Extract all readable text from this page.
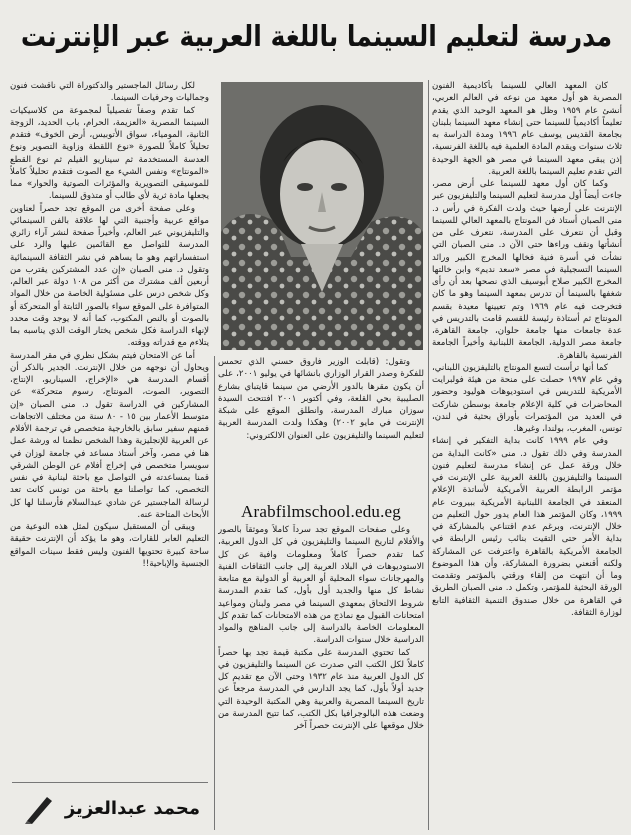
مدرسة لتعليم السينما باللغة العربية عبر الإنترنت

كان المعهد العالي للسينما بأكاديمية الفنون المصرية هو أول معهد من نوعه في العالم العربي، أنشئ عام ١٩٥٩ وظل هو المعهد الوحيد الذي يقدم تعليماً أكاديمياً للسينما حتى إنشاء معهد السينما بلبنان بجامعة القديس يوسف عام ١٩٩٦ ومدة الدراسة به ثلاث سنوات ويقدم المادة العلمية فيه باللغة الفرنسية، إذن يبقى معهد السينما في مصر هو الجهة الوحيدة التي تقدم تعليم السينما باللغة العربية.

وكما كان أول معهد للسينما على أرض مصر، جاءت أيضاً أول مدرسة لتعليم السينما والتليفزيون عبر الإنترنت على أرضها حيث ولدت الفكرة في رأس د. منى الصبان أستاذ فن المونتاج بالمعهد العالي للسينما وقبل أن نتعرف على المدرسة، نتعرف على من أنشأتها ونقف وراءها حتى الآن د. منى الصبان التي نشأت في أسرة فنية فخالها المخرج الكبير ورائد السينما التسجيلية في مصر «سعد نديم» وابن خالتها المخرج الكبير صلاح أبوسيف الذي نصحها بعد أن رأى شغفها بالسينما أن تدرس بمعهد السينما وهو ما كان فتخرجت فيه عام ١٩٦٩ وتم تعيينها معيدة بقسم المونتاج ثم أستاذة رئيسة للقسم قامت بالتدريس في عدة جامعات منها جامعة حلوان، جامعة القاهرة، جامعة مصر الدولية، الجامعة اللبنانية وأخيراً الجامعة الفرنسية بالقاهرة.

كما أنها ترأست لتسع المونتاج بالتليفزيون اللبناني، وفي عام ١٩٩٧ حصلت على منحة من هيئة فولبرايت الأمريكية للتدريس في استوديوهات هوليود وحضور المحاضرات في كلية الإعلام جامعة بوسطن شاركت في العديد من المؤتمرات بأوراق بحثية في لندن، تونس، المغرب، بولندا، وغيرها.

وفي عام ١٩٩٩ كانت بداية التفكير في إنشاء المدرسة وفي ذلك تقول د. منى «كانت البداية من خلال ورقة عمل عن إنشاء مدرسة لتعليم فنون السينما والتليفزيون باللغة العربية على الإنترنت في مؤتمر الرابطة العربية الأمريكية لأساتذة الإعلام المنعقد في الجامعة اللبنانية الأمريكية ببيروت عام ١٩٩٩، وكان المؤتمر هذا العام يدور حول التعليم من خلال الإنترنت، وبرغم عدم اقتناعي بالمشاركة في بداية الأمر حتى التقيت بنائب رئيس الرابطة في الجامعة الأمريكية بالقاهرة واعترفت عن المشاركة ولكنه أقنعني بضرورة المشاركة، وأن هذا الموضوع وما أن انتهت من إلقاء ورقتي بالمؤتمر وتقدمت الورقة البحثية للمؤتمر، وتكمل د. منى الصبان الطريق في القاهرة من خلال صندوق التنمية الثقافية التابع لوزارة الثقافة.

وتقول: (قابلت الوزير فاروق حسني الذي تحمس للفكرة وصدر القرار الوزاري بانشائها في يوليو ٢٠٠١، على أن يكون مقرها بالدور الأرضي من سينما قايتباي بشارع الصليبية بحي القلعة، وفي أكتوبر ٢٠٠١ افتتحت السيدة سوزان مبارك المدرسة، وانطلق الموقع على شبكة الإنترنت في مايو ٢٠٠٢) وهكذا ولدت المدرسة العربية لتعليم السينما والتليفزيون على العنوان الالكتروني:

Arabfilmschool.edu.eg

وعلى صفحات الموقع تجد سرداً كاملاً وموثقاً بالصور والأفلام لتاريخ السينما والتليفزيون في كل الدول العربية، كما تقدم حصراً كاملاً ومعلومات وافية عن كل الاستوديوهات في البلاد العربية إلى جانب الثقافات الفنية والمهرجانات سواء المحلية أو العربية أو الدولية مع متابعة نشاط كل منها والجديد أول بأول، كما تقدم المدرسة شروط الالتحاق بمعهدي السينما في مصر ولبنان ومواعيد امتحانات القبول مع نماذج من هذه الامتحانات كما تقدم كل المعلومات الخاصة بالدراسة إلى جانب المناهج والمواد الدراسية خلال سنوات الدراسة.

كما تحتوي المدرسة على مكتبة قيمة تجد بها حصراً كاملاً لكل الكتب التي صدرت عن السينما والتليفزيون في كل الدول العربية منذ عام ١٩٣٢ وحتى الآن مع تقديم كل جديد أولاً بأول، كما يجد الدارس في المدرسة مرجعاً عن تاريخ السينما المصرية والعربية وهي المكتبة الوحيدة التي وضعت هذه البالوجرافيا بكل الكتب، كما تتيح المدرسة من خلال موقعها على الإنترنت حصراً آخر

لكل رسائل الماجستير والدكتوراة التي ناقشت فنون وجماليات وحرفيات السينما.

كما تقدم وصفاً تفصيلياً لمجموعة من كلاسيكيات السينما المصرية «العزيمة، الحرام، باب الحديد، الزوجة الثانية، المومياء، سواق الأتوبيس، أرض الخوف» فتقدم تحليلاً كاملاً للصورة «نوع اللقطة وزاوية التصوير ونوع العدسة المستخدمة ثم سيناريو الفيلم ثم نوع القطع «المونتاج» ونفس الشيء مع الصوت فتقدم تحليلاً كاملاً للموسيقى التصويرية والمؤثرات الصوتية والحوار» مما يجعلها مادة ثرية لأي طالب أو متذوق للسينما.

وعلى صفحة أخرى من الموقع تجد حصراً لعناوين مواقع عربية وأجنبية التي لها علاقة بالفن السينمائي والتليفزيوني عبر العالم، وأخيراً صفحة لنشر آراء زائري المدرسة للتواصل مع القائمين عليها والرد على استفساراتهم وهو ما يساهم في نشر الثقافة السينمائية وتقول د. منى الصبان «إن عدد المشتركين يقترب من أربعين ألف مشترك من أكثر من ١٠٨ دولة عبر العالم، وكل شخص درس على مسئولية الخاصة من خلال المواد المتوافرة على الموقع سواء بالصور الثابتة أو المتحركة أو بالصوت أو بالنص المكتوب، كما أنه لا يوجد وقت محدد لإنهاء الدراسة فكل شخص يختار الوقت الذي يناسبه بما يتلاءم مع قدراته ووقته.

أما عن الامتحان فيتم بشكل نظري في مقر المدرسة ويحاول أن نوجهه من خلال الإنترنت. الجدير بالذكر أن أقسام المدرسة هي «الإخراج، السيناريو، الإنتاج، التصوير، الصوت، المونتاج، رسوم متحركة» عن المشاركين في الدراسة تقول د. منى الصبان «إن متوسط الأعمار بين ١٥ - ٨٠ سنة من مختلف الاتجاهات فمنهم سفير سابق بالخارجية متخصص في ترجمة الأفلام عن العربية للإنجليزية وهذا الشخص نظمنا له ورشة عمل هنا في مصر، وآخر أستاذ مساعد في جامعة لوزان في سويسرا متخصص في إخراج أفلام عن الوطن الشرقي قمنا بمساعدته في التواصل مع باحثة لبنانية في نفس التخصص، كما تواصلنا مع باحثة من تونس كانت تعد لرسالة الماجستير عن شادي عبدالسلام فأرسلنا لها كل الأبحاث المتاحة عنه.

ويبقى أن المستقبل سيكون لمثل هذه النوعية من التعليم العابر للقارات، وهو ما يؤكد أن الإنترنت حقيقة ساحة كبيرة تحتويها الفنون وليس فقط سينات المواقع الجنسية والإباحية!!

محمد عبدالعزيز
